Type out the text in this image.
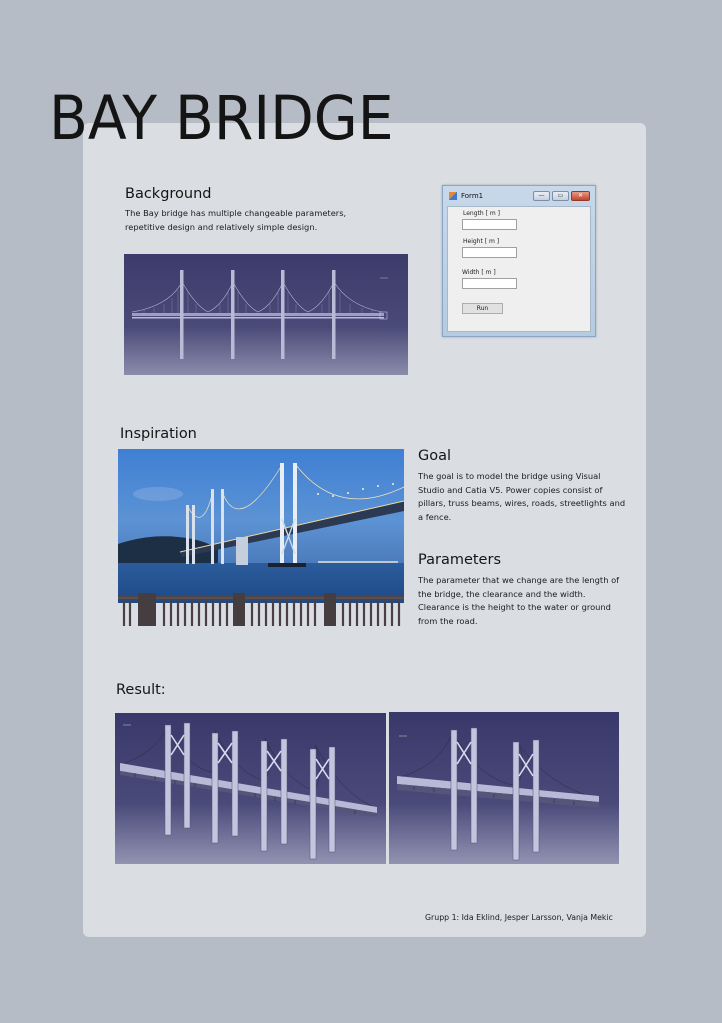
BAY BRIDGE
Background
The Bay bridge has multiple changeable parameters, repetitive design and relatively simple design.
Form1	—	▭	✕
Length [ m ]
Height [ m ]
Width [ m ]
Run
Inspiration
Goal
The goal is to model the bridge using Visual Studio and Catia V5. Power copies consist of pillars, truss beams, wires, roads, streetlights and a fence.
Parameters
The parameter that we change are the length of the bridge, the clearance and the width. Clearance is the height to the water or ground from the road.
Result:
Grupp 1: Ida Eklind, Jesper Larsson, Vanja Mekic
